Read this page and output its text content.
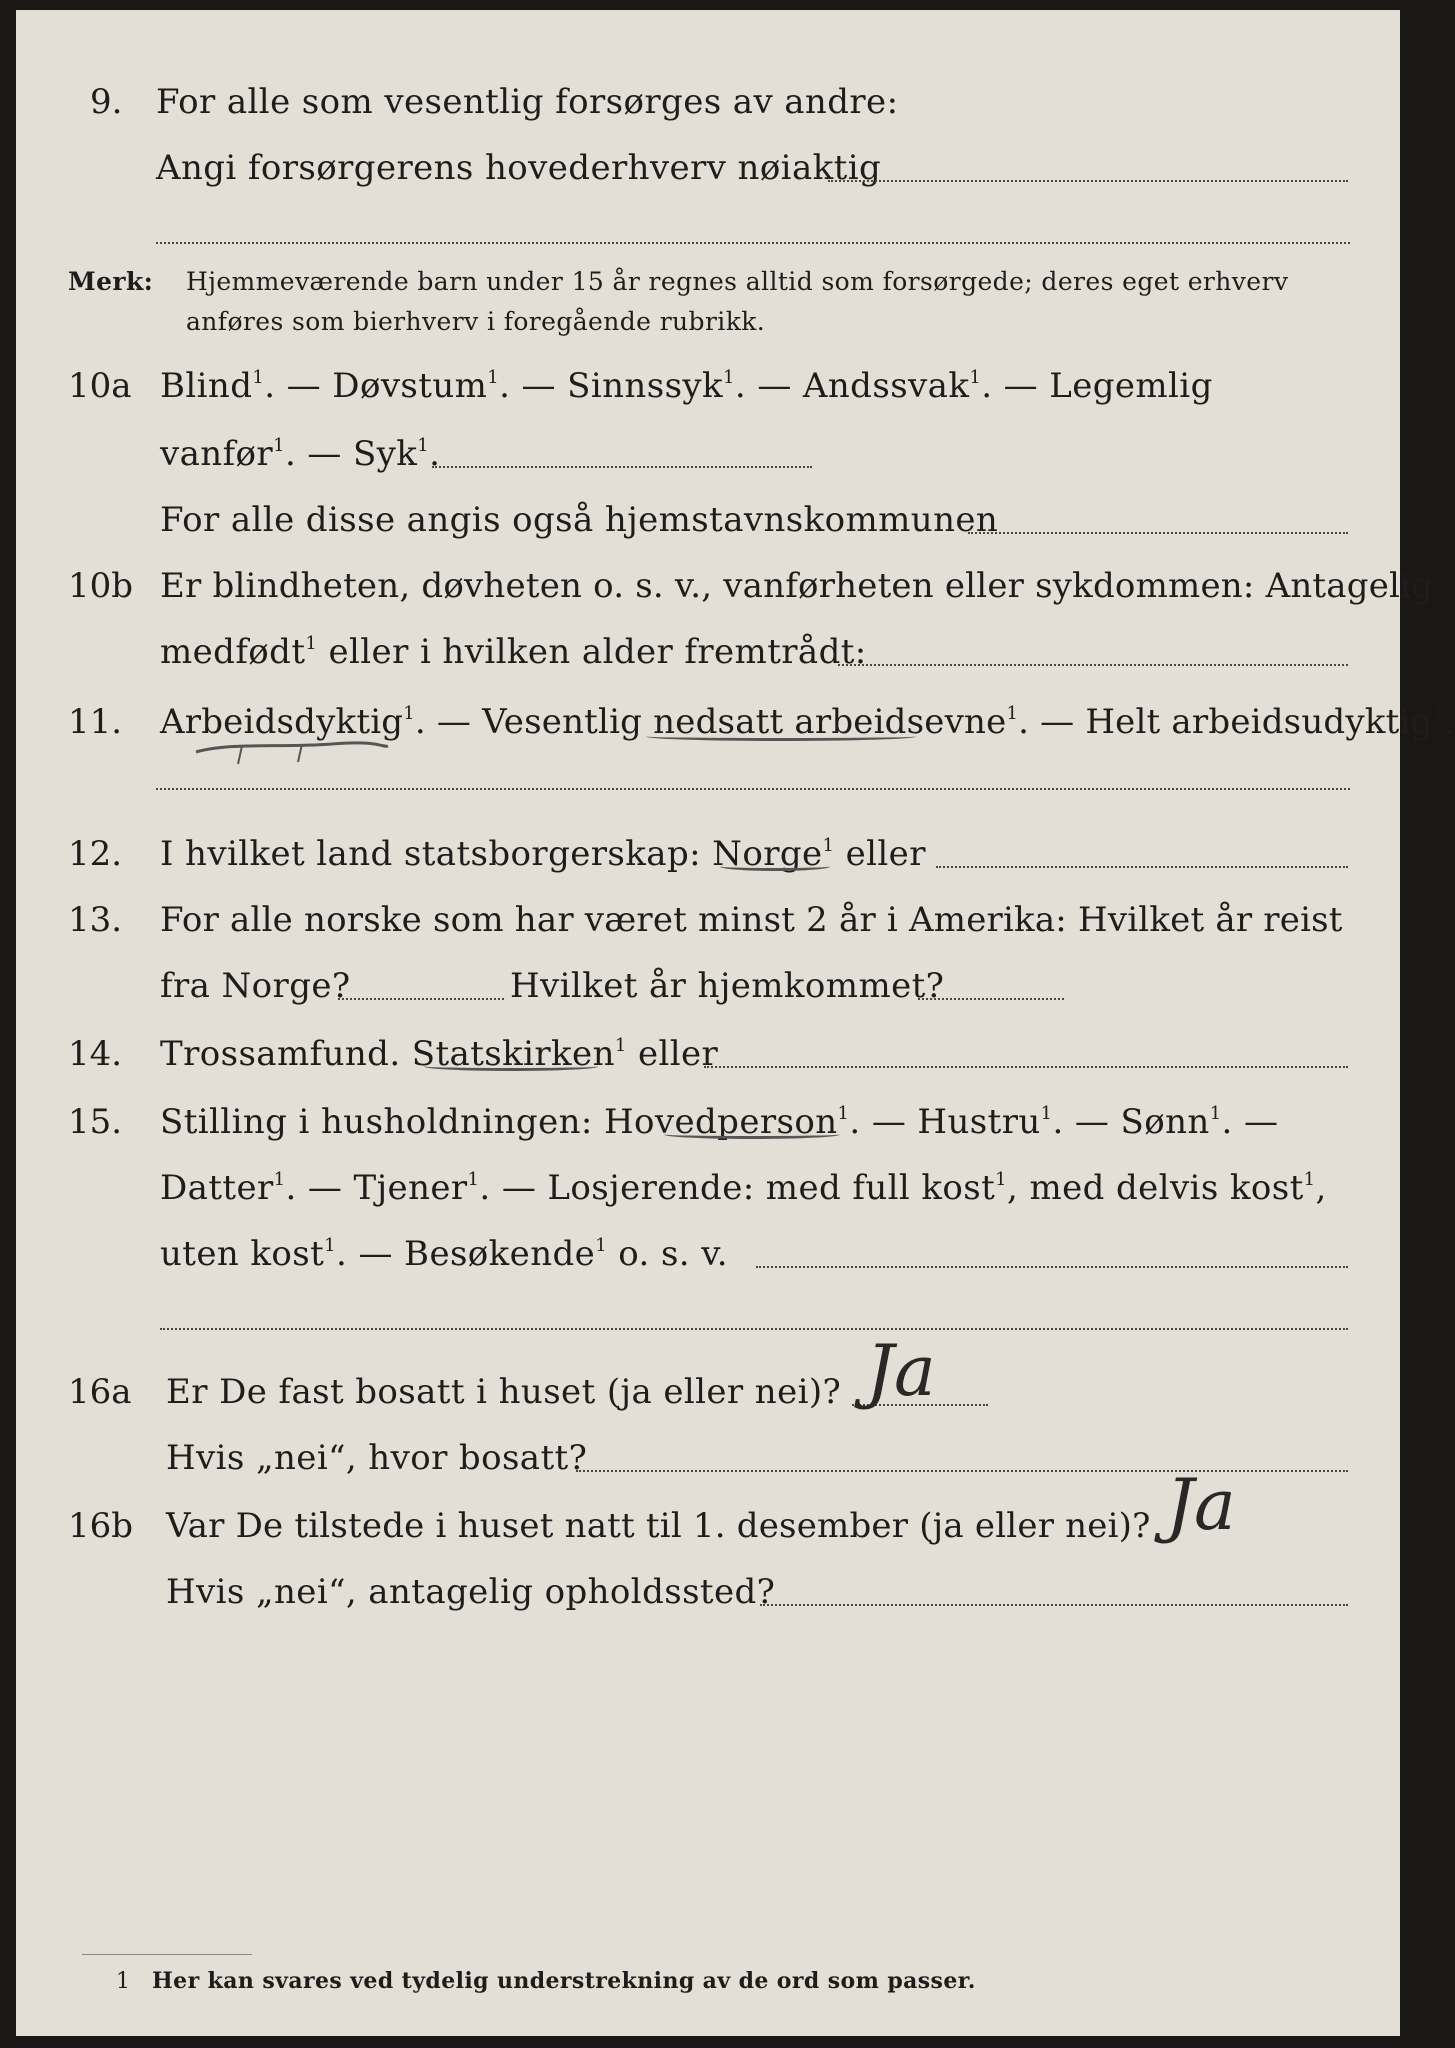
9. For alle som vesentlig forsørges av andre:
Angi forsørgerens hovederhverv nøiaktig
Merk: Hjemmeværende barn under 15 år regnes alltid som forsørgede; deres eget erhverv
anføres som bierhverv i foregående rubrikk.
10a Blind$^1$. — Døvstum$^1$. — Sinnssyk$^1$. — Andssvak$^1$. — Legemlig
vanfør$^1$. — Syk$^1$.
For alle disse angis også hjemstavnskommunen
10b Er blindheten, døvheten o. s. v., vanførheten eller sykdommen: Antagelig
medfødt$^1$ eller i hvilken alder fremtrådt:
11. Arbeidsdyktig$^1$. — Vesentlig nedsatt arbeidsevne$^1$. — Helt arbeidsudyktig$^1$.
12. I hvilket land statsborgerskap: Norge$^1$ eller
13. For alle norske som har været minst 2 år i Amerika: Hvilket år reist
fra Norge?	Hvilket år hjemkommet?
14. Trossamfund. Statskirken$^1$ eller
15. Stilling i husholdningen: Hovedperson$^1$. — Hustru$^1$. — Sønn$^1$. —
Datter$^1$. — Tjener$^1$. — Losjerende: med full kost$^1$, med delvis kost$^1$,
uten kost$^1$. — Besøkende$^1$ o. s. v.
16a Er De fast bosatt i huset (ja eller nei)? Ja
Hvis „nei“, hvor bosatt?
16b Var De tilstede i huset natt til 1. desember (ja eller nei)? Ja
Hvis „nei“, antagelig opholdssted?
1 Her kan svares ved tydelig understrekning av de ord som passer.
